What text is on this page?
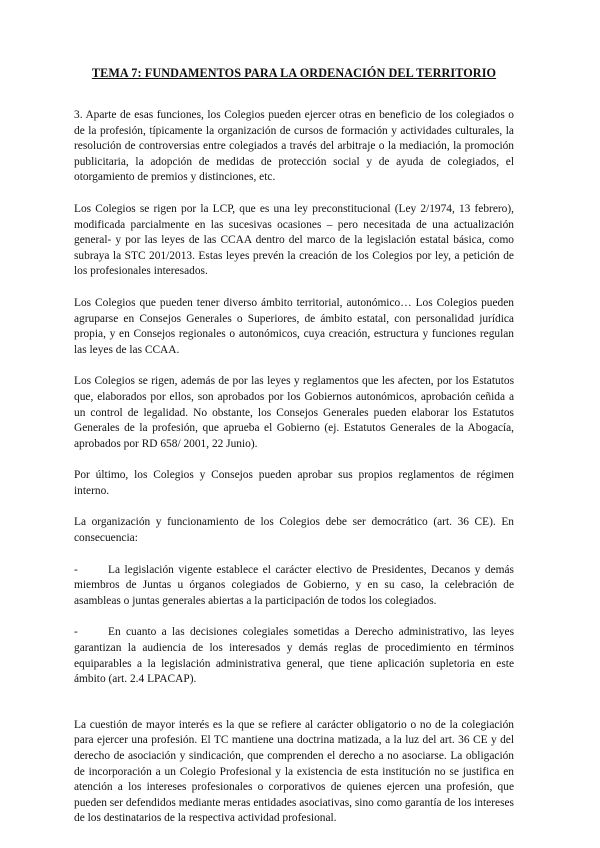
TEMA 7: FUNDAMENTOS PARA LA ORDENACIÓN DEL TERRITORIO

3. Aparte de esas funciones, los Colegios pueden ejercer otras en beneficio de los colegiados o de la profesión, típicamente la organización de cursos de formación y actividades culturales, la resolución de controversias entre colegiados a través del arbitraje o la mediación, la promoción publicitaria, la adopción de medidas de protección social y de ayuda de colegiados, el otorgamiento de premios y distinciones, etc.

Los Colegios se rigen por la LCP, que es una ley preconstitucional (Ley 2/1974, 13 febrero), modificada parcialmente en las sucesivas ocasiones – pero necesitada de una actualización general- y por las leyes de las CCAA dentro del marco de la legislación estatal básica, como subraya la STC 201/2013. Estas leyes prevén la creación de los Colegios por ley, a petición de los profesionales interesados.

Los Colegios que pueden tener diverso ámbito territorial, autonómico… Los Colegios pueden agruparse en Consejos Generales o Superiores, de ámbito estatal, con personalidad jurídica propia, y en Consejos regionales o autonómicos, cuya creación, estructura y funciones regulan las leyes de las CCAA.

Los Colegios se rigen, además de por las leyes y reglamentos que les afecten, por los Estatutos que, elaborados por ellos, son aprobados por los Gobiernos autonómicos, aprobación ceñida a un control de legalidad. No obstante, los Consejos Generales pueden elaborar los Estatutos Generales de la profesión, que aprueba el Gobierno (ej. Estatutos Generales de la Abogacía, aprobados por RD 658/ 2001, 22 Junio).

Por último, los Colegios y Consejos pueden aprobar sus propios reglamentos de régimen interno.

La organización y funcionamiento de los Colegios debe ser democrático (art. 36 CE). En consecuencia:

-	La legislación vigente establece el carácter electivo de Presidentes, Decanos y demás miembros de Juntas u órganos colegiados de Gobierno, y en su caso, la celebración de asambleas o juntas generales abiertas a la participación de todos los colegiados.
-	En cuanto a las decisiones colegiales sometidas a Derecho administrativo, las leyes garantizan la audiencia de los interesados y demás reglas de procedimiento en términos equiparables a la legislación administrativa general, que tiene aplicación supletoria en este ámbito (art. 2.4 LPACAP).

La cuestión de mayor interés es la que se refiere al carácter obligatorio o no de la colegiación para ejercer una profesión. El TC mantiene una doctrina matizada, a la luz del art. 36 CE y del derecho de asociación y sindicación, que comprenden el derecho a no asociarse. La obligación de incorporación a un Colegio Profesional y la existencia de esta institución no se justifica en atención a los intereses profesionales o corporativos de quienes ejercen una profesión, que pueden ser defendidos mediante meras entidades asociativas, sino como garantía de los intereses de los destinatarios de la respectiva actividad profesional.
